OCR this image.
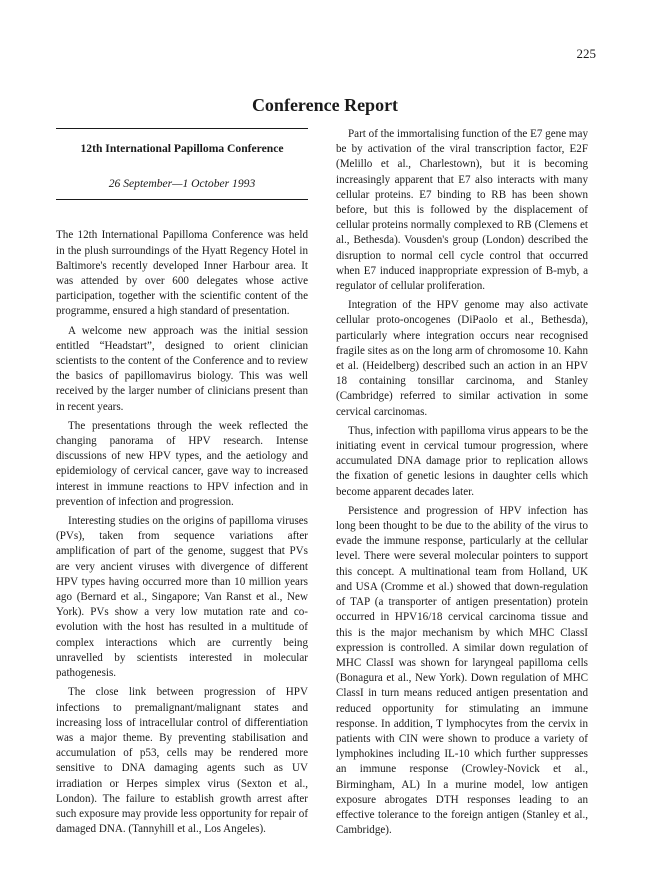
225
Conference Report
12th International Papilloma Conference
26 September—1 October 1993

The 12th International Papilloma Conference was held in the plush surroundings of the Hyatt Regency Hotel in Baltimore's recently developed Inner Harbour area. It was attended by over 600 delegates whose active participation, together with the scientific content of the programme, ensured a high standard of presentation.

A welcome new approach was the initial session entitled “Headstart”, designed to orient clinician scientists to the content of the Conference and to review the basics of papillomavirus biology. This was well received by the larger number of clinicians present than in recent years.

The presentations through the week reflected the changing panorama of HPV research. Intense discussions of new HPV types, and the aetiology and epidemiology of cervical cancer, gave way to increased interest in immune reactions to HPV infection and in prevention of infection and progression.

Interesting studies on the origins of papilloma viruses (PVs), taken from sequence variations after amplification of part of the genome, suggest that PVs are very ancient viruses with divergence of different HPV types having occurred more than 10 million years ago (Bernard et al., Singapore; Van Ranst et al., New York). PVs show a very low mutation rate and co-evolution with the host has resulted in a multitude of complex interactions which are currently being unravelled by scientists interested in molecular pathogenesis.

The close link between progression of HPV infections to premalignant/malignant states and increasing loss of intracellular control of differentiation was a major theme. By preventing stabilisation and accumulation of p53, cells may be rendered more sensitive to DNA damaging agents such as UV irradiation or Herpes simplex virus (Sexton et al., London). The failure to establish growth arrest after such exposure may provide less opportunity for repair of damaged DNA. (Tannyhill et al., Los Angeles).

Part of the immortalising function of the E7 gene may be by activation of the viral transcription factor, E2F (Melillo et al., Charlestown), but it is becoming increasingly apparent that E7 also interacts with many cellular proteins. E7 binding to RB has been shown before, but this is followed by the displacement of cellular proteins normally complexed to RB (Clemens et al., Bethesda). Vousden's group (London) described the disruption to normal cell cycle control that occurred when E7 induced inappropriate expression of B-myb, a regulator of cellular proliferation.

Integration of the HPV genome may also activate cellular proto-oncogenes (DiPaolo et al., Bethesda), particularly where integration occurs near recognised fragile sites as on the long arm of chromosome 10. Kahn et al. (Heidelberg) described such an action in an HPV 18 containing tonsillar carcinoma, and Stanley (Cambridge) referred to similar activation in some cervical carcinomas.

Thus, infection with papilloma virus appears to be the initiating event in cervical tumour progression, where accumulated DNA damage prior to replication allows the fixation of genetic lesions in daughter cells which become apparent decades later.

Persistence and progression of HPV infection has long been thought to be due to the ability of the virus to evade the immune response, particularly at the cellular level. There were several molecular pointers to support this concept. A multinational team from Holland, UK and USA (Cromme et al.) showed that down-regulation of TAP (a transporter of antigen presentation) protein occurred in HPV16/18 cervical carcinoma tissue and this is the major mechanism by which MHC ClassI expression is controlled. A similar down regulation of MHC ClassI was shown for laryngeal papilloma cells (Bonagura et al., New York). Down regulation of MHC ClassI in turn means reduced antigen presentation and reduced opportunity for stimulating an immune response. In addition, T lymphocytes from the cervix in patients with CIN were shown to produce a variety of lymphokines including IL-10 which further suppresses an immune response (Crowley-Novick et al., Birmingham, AL) In a murine model, low antigen exposure abrogates DTH responses leading to an effective tolerance to the foreign antigen (Stanley et al., Cambridge).
